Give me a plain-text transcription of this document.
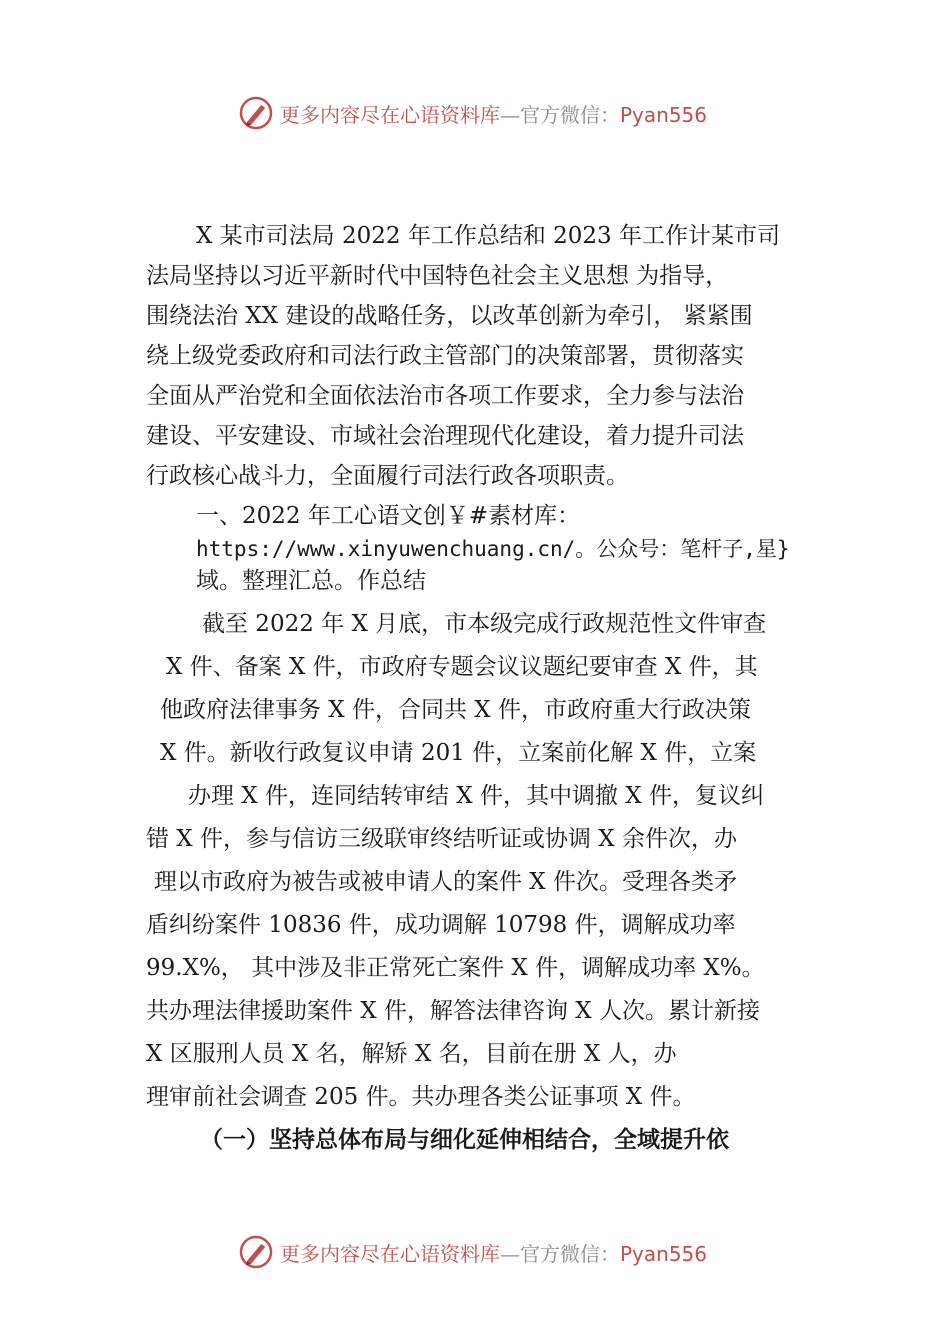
更多内容尽在心语资料库—官方微信：Pyan556
X 某市司法局 2022 年工作总结和 2023 年工作计某市司
法局坚持以习近平新时代中国特色社会主义思想 为指导，
围绕法治 XX 建设的战略任务，以改革创新为牵引， 紧紧围
绕上级党委政府和司法行政主管部门的决策部署，贯彻落实
全面从严治党和全面依法治市各项工作要求，全力参与法治
建设、平安建设、市域社会治理现代化建设，着力提升司法
行政核心战斗力，全面履行司法行政各项职责。
一、2022 年工心语文创￥#素材库：
https://www.xinyuwenchuang.cn/。公众号：笔杆子,星}
域。整理汇总。作总结
截至 2022 年 X 月底，市本级完成行政规范性文件审查
X 件、备案 X 件，市政府专题会议议题纪要审查 X 件，其
他政府法律事务 X 件，合同共 X 件，市政府重大行政决策
X 件。新收行政复议申请 201 件，立案前化解 X 件，立案
办理 X 件，连同结转审结 X 件，其中调撤 X 件，复议纠
错 X 件，参与信访三级联审终结听证或协调 X 余件次，办
理以市政府为被告或被申请人的案件 X 件次。受理各类矛
盾纠纷案件 10836 件，成功调解 10798 件，调解成功率
99.X%， 其中涉及非正常死亡案件 X 件，调解成功率 X%。
共办理法律援助案件 X 件，解答法律咨询 X 人次。累计新接
X 区服刑人员 X 名，解矫 X 名，目前在册 X 人，办
理审前社会调查 205 件。共办理各类公证事项 X 件。
（一）坚持总体布局与细化延伸相结合，全域提升依
更多内容尽在心语资料库—官方微信：Pyan556
